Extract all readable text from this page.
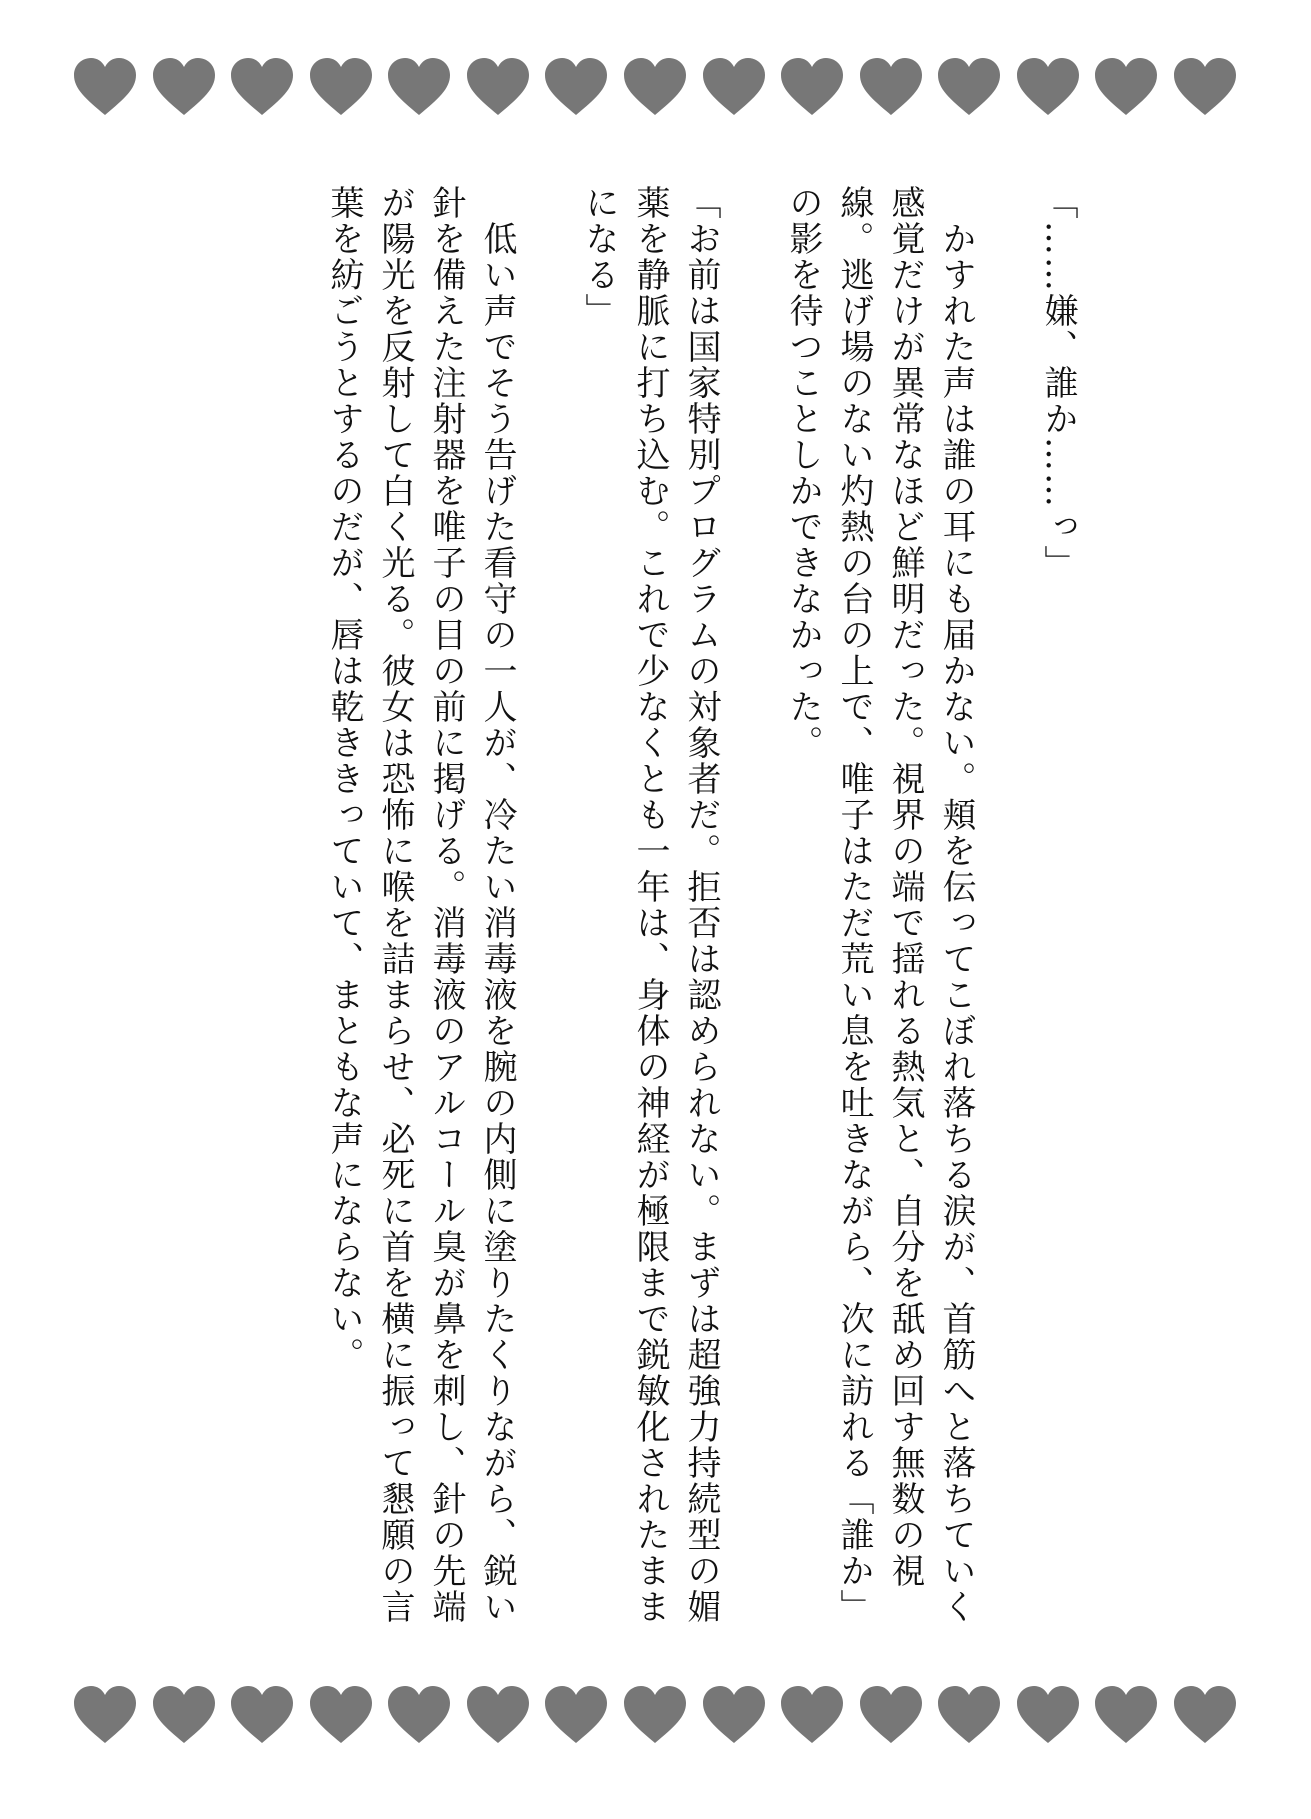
「……嫌、誰か……っ」

　かすれた声は誰の耳にも届かない。頬を伝ってこぼれ落ちる涙が、首筋へと落ちていく感覚だけが異常なほど鮮明だった。視界の端で揺れる熱気と、自分を舐め回す無数の視線。逃げ場のない灼熱の台の上で、唯子はただ荒い息を吐きながら、次に訪れる「誰か」の影を待つことしかできなかった。

「お前は国家特別プログラムの対象者だ。拒否は認められない。まずは超強力持続型の媚薬を静脈に打ち込む。これで少なくとも一年は、身体の神経が極限まで鋭敏化されたままになる」

　低い声でそう告げた看守の一人が、冷たい消毒液を腕の内側に塗りたくりながら、鋭い針を備えた注射器を唯子の目の前に掲げる。消毒液のアルコール臭が鼻を刺し、針の先端が陽光を反射して白く光る。彼女は恐怖に喉を詰まらせ、必死に首を横に振って懇願の言葉を紡ごうとするのだが、唇は乾ききっていて、まともな声にならない。
